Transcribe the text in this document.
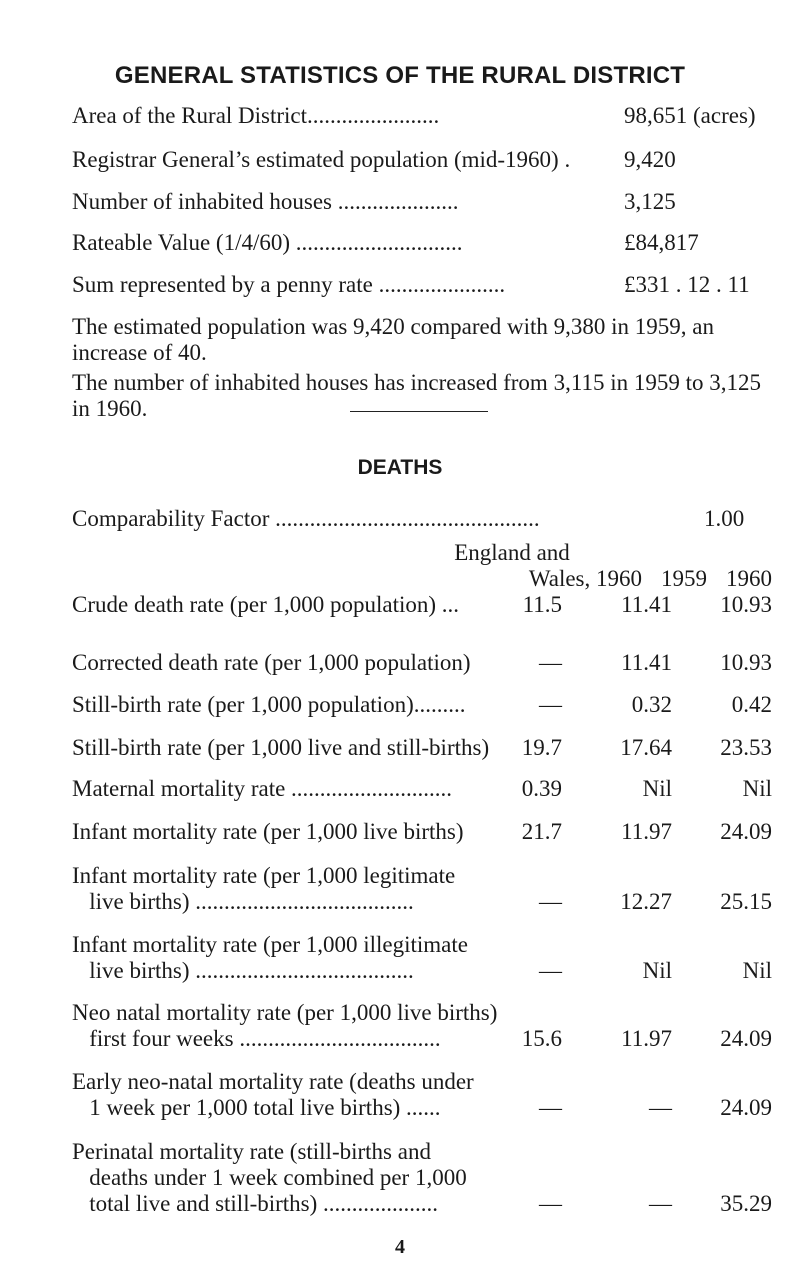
GENERAL STATISTICS OF THE RURAL DISTRICT
Area of the Rural District.......................	98,651 (acres)
Registrar General’s estimated population (mid-1960) . 9,420
Number of inhabited houses .....................	3,125
Rateable Value (1/4/60) .............................	£84,817
Sum represented by a penny rate ......................	£331 . 12 . 11
The estimated population was 9,420 compared with 9,380 in 1959, an increase of 40.
The number of inhabited houses has increased from 3,115 in 1959 to 3,125 in 1960.
DEATHS
Comparability Factor ..............................................	1.00
England and
Wales, 1960 1959 1960
Crude death rate (per 1,000 population) ...	11.5	11.41 10.93
Corrected death rate (per 1,000 population)	—	11.41 10.93
Still-birth rate (per 1,000 population).........	—	0.32	0.42
Still-birth rate (per 1,000 live and still-births) 19.7	17.64 23.53
Maternal mortality rate ............................	0.39	Nil	Nil
Infant mortality rate (per 1,000 live births)	21.7	11.97 24.09
Infant mortality rate (per 1,000 legitimate
live births) ......................................	—	12.27 25.15
Infant mortality rate (per 1,000 illegitimate
live births) ......................................	—	Nil	Nil
Neo natal mortality rate (per 1,000 live births)
first four weeks ...................................	15.6	11.97 24.09
Early neo-natal mortality rate (deaths under
1 week per 1,000 total live births) ......	—	— 24.09
Perinatal mortality rate (still-births and
deaths under 1 week combined per 1,000
total live and still-births) ....................	—	— 35.29
4
